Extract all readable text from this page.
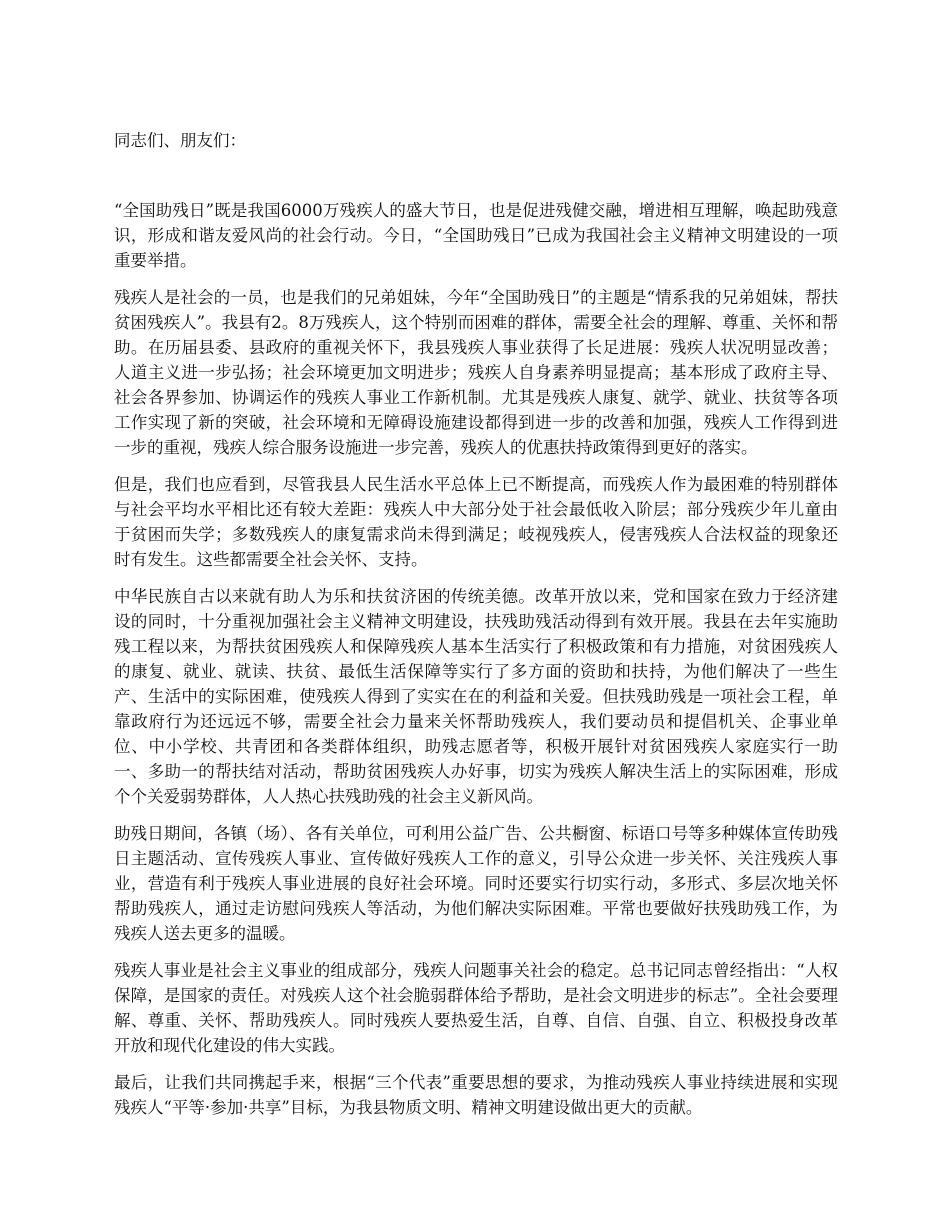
同志们、朋友们：

“全国助残日”既是我国6000万残疾人的盛大节日，也是促进残健交融，增进相互理解，唤起助残意识，形成和谐友爱风尚的社会行动。今日，“全国助残日”已成为我国社会主义精神文明建设的一项重要举措。

残疾人是社会的一员，也是我们的兄弟姐妹，今年“全国助残日”的主题是“情系我的兄弟姐妹，帮扶贫困残疾人”。我县有2。8万残疾人，这个特别而困难的群体，需要全社会的理解、尊重、关怀和帮助。在历届县委、县政府的重视关怀下，我县残疾人事业获得了长足进展：残疾人状况明显改善；人道主义进一步弘扬；社会环境更加文明进步；残疾人自身素养明显提高；基本形成了政府主导、社会各界参加、协调运作的残疾人事业工作新机制。尤其是残疾人康复、就学、就业、扶贫等各项工作实现了新的突破，社会环境和无障碍设施建设都得到进一步的改善和加强，残疾人工作得到进一步的重视，残疾人综合服务设施进一步完善，残疾人的优惠扶持政策得到更好的落实。

但是，我们也应看到，尽管我县人民生活水平总体上已不断提高，而残疾人作为最困难的特别群体与社会平均水平相比还有较大差距：残疾人中大部分处于社会最低收入阶层；部分残疾少年儿童由于贫困而失学；多数残疾人的康复需求尚未得到满足；岐视残疾人，侵害残疾人合法权益的现象还时有发生。这些都需要全社会关怀、支持。

中华民族自古以来就有助人为乐和扶贫济困的传统美德。改革开放以来，党和国家在致力于经济建设的同时，十分重视加强社会主义精神文明建设，扶残助残活动得到有效开展。我县在去年实施助残工程以来，为帮扶贫困残疾人和保障残疾人基本生活实行了积极政策和有力措施，对贫困残疾人的康复、就业、就读、扶贫、最低生活保障等实行了多方面的资助和扶持，为他们解决了一些生产、生活中的实际困难，使残疾人得到了实实在在的利益和关爱。但扶残助残是一项社会工程，单靠政府行为还远远不够，需要全社会力量来关怀帮助残疾人，我们要动员和提倡机关、企事业单位、中小学校、共青团和各类群体组织，助残志愿者等，积极开展针对贫困残疾人家庭实行一助一、多助一的帮扶结对活动，帮助贫困残疾人办好事，切实为残疾人解决生活上的实际困难，形成个个关爱弱势群体，人人热心扶残助残的社会主义新风尚。

助残日期间，各镇（场）、各有关单位，可利用公益广告、公共橱窗、标语口号等多种媒体宣传助残日主题活动、宣传残疾人事业、宣传做好残疾人工作的意义，引导公众进一步关怀、关注残疾人事业，营造有利于残疾人事业进展的良好社会环境。同时还要实行切实行动，多形式、多层次地关怀帮助残疾人，通过走访慰问残疾人等活动，为他们解决实际困难。平常也要做好扶残助残工作，为残疾人送去更多的温暖。

残疾人事业是社会主义事业的组成部分，残疾人问题事关社会的稳定。总书记同志曾经指出：“人权保障，是国家的责任。对残疾人这个社会脆弱群体给予帮助，是社会文明进步的标志”。全社会要理解、尊重、关怀、帮助残疾人。同时残疾人要热爱生活，自尊、自信、自强、自立、积极投身改革开放和现代化建设的伟大实践。

最后，让我们共同携起手来，根据“三个代表”重要思想的要求，为推动残疾人事业持续进展和实现残疾人“平等·参加·共享”目标，为我县物质文明、精神文明建设做出更大的贡献。
